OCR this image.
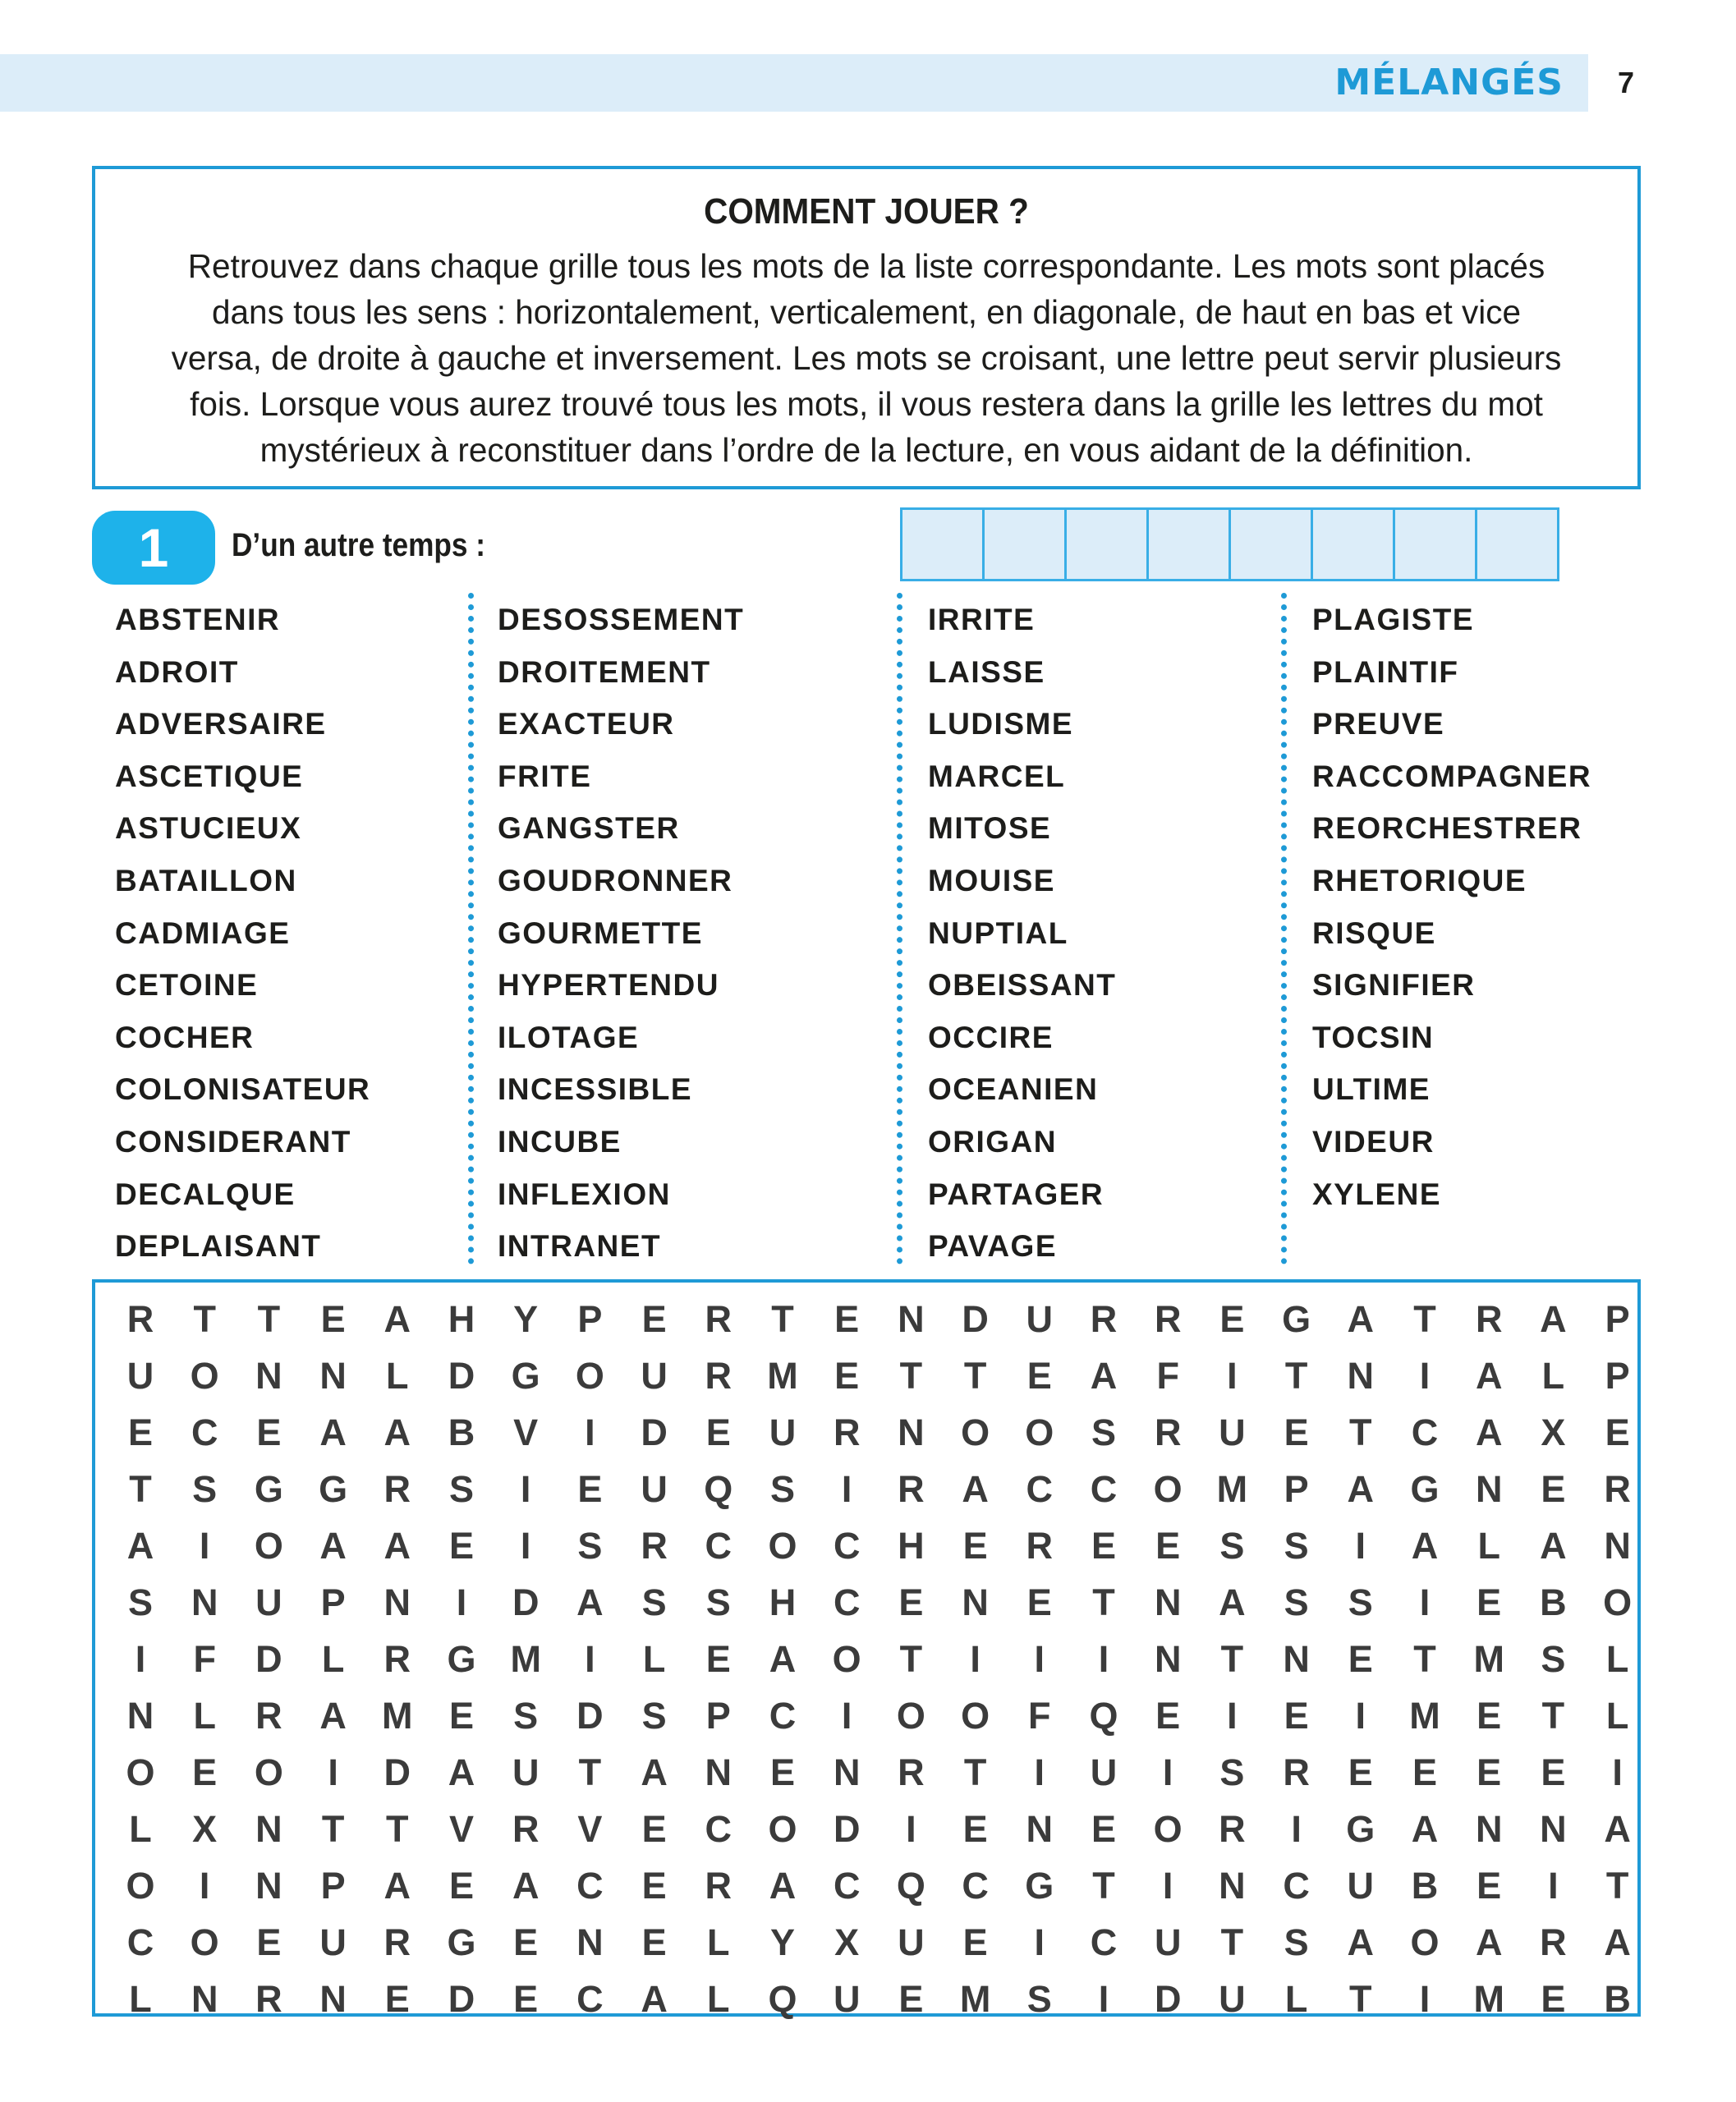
MÉLANGÉS 7
COMMENT JOUER ?
Retrouvez dans chaque grille tous les mots de la liste correspondante. Les mots sont placés
dans tous les sens : horizontalement, verticalement, en diagonale, de haut en bas et vice
versa, de droite à gauche et inversement. Les mots se croisant, une lettre peut servir plusieurs
fois. Lorsque vous aurez trouvé tous les mots, il vous restera dans la grille les lettres du mot
mystérieux à reconstituer dans l’ordre de la lecture, en vous aidant de la définition.
1	D’un autre temps :
ABSTENIR
ADROIT
ADVERSAIRE
ASCETIQUE
ASTUCIEUX
BATAILLON
CADMIAGE
CETOINE
COCHER
COLONISATEUR
CONSIDERANT
DECALQUE
DEPLAISANT
DESOSSEMENT
DROITEMENT
EXACTEUR
FRITE
GANGSTER
GOUDRONNER
GOURMETTE
HYPERTENDU
ILOTAGE
INCESSIBLE
INCUBE
INFLEXION
INTRANET
IRRITE
LAISSE
LUDISME
MARCEL
MITOSE
MOUISE
NUPTIAL
OBEISSANT
OCCIRE
OCEANIEN
ORIGAN
PARTAGER
PAVAGE
PLAGISTE
PLAINTIF
PREUVE
RACCOMPAGNER
REORCHESTRER
RHETORIQUE
RISQUE
SIGNIFIER
TOCSIN
ULTIME
VIDEUR
XYLENE
R	T	T	E	A	H	Y	P	E	R	T	E	N	D	U	R	R	E	G A	T	R	A	P
U O N	N	L	D G O U	R M E	T	T	E	A	F	I	T	N	I	A	L	P
E	C	E	A	A	B	V	I	D	E	U	R	N O O	S	R	U	E	T	C	A	X	E
T	S	G G R	S	I	E	U Q	S	I	R	A	C	C O M P	A G N	E	R
A	I	O A	A	E	I	S	R	C O C	H	E	R	E	E	S	S	I	A	L	A	N
S	N	U	P	N	I	D	A	S	S	H	C	E	N	E	T	N	A	S	S	I	E	B O
I	F	D	L	R G M	I	L	E	A O	T	I	I	I	N	T	N	E	T	M S	L
N	L	R	A M E	S	D	S	P	C	I	O O	F	Q	E	I	E	I	M E	T	L
O	E	O	I	D	A	U	T	A	N	E	N	R	T	I	U	I	S	R	E	E	E	E	I
L	X	N	T	T	V	R	V	E	C O D	I	E	N	E	O R	I	G A	N	N	A
O	I	N	P	A	E	A	C	E	R	A	C Q C G	T	I	N	C	U	B	E	I	T
C O	E	U	R G	E	N	E	L	Y	X	U	E	I	C	U	T	S	A O A	R	A
L	N	R	N	E	D	E	C	A	L	Q U	E M S	I	D	U	L	T	I	M E	B
